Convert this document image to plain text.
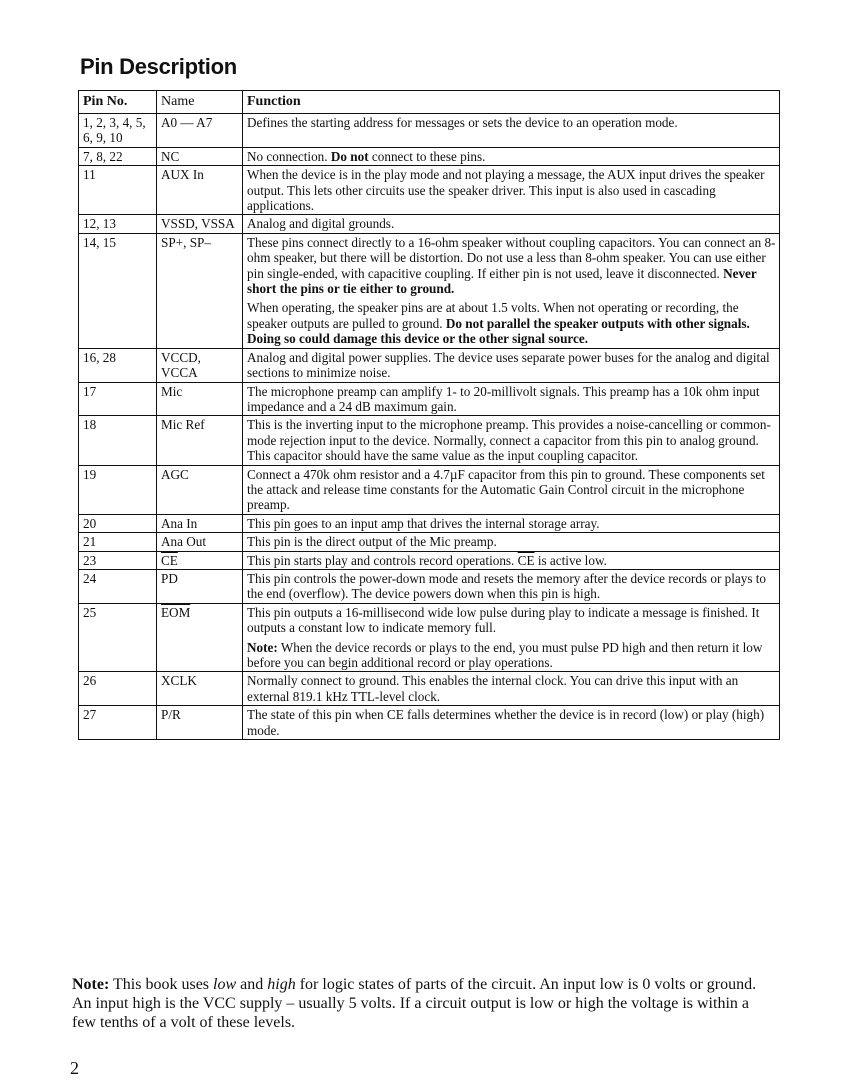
Pin Description
Pin No.	Name	Function
1, 2, 3, 4, 5, 6, 9, 10	A0 — A7	Defines the starting address for messages or sets the device to an operation mode.

7, 8, 22	NC	No connection. Do not connect to these pins.

11	AUX In	When the device is in the play mode and not playing a message, the AUX input drives the speaker output. This lets other circuits use the speaker driver. This input is also used in cascading applications.

12, 13	VSSD, VSSA	Analog and digital grounds.

14, 15	SP+, SP–	These pins connect directly to a 16-ohm speaker without coupling capacitors. You can connect an 8-ohm speaker, but there will be distortion. Do not use a less than 8-ohm speaker. You can use either pin single-ended, with capacitive coupling. If either pin is not used, leave it disconnected. Never short the pins or tie either to ground.

When operating, the speaker pins are at about 1.5 volts. When not operating or recording, the speaker outputs are pulled to ground. Do not parallel the speaker outputs with other signals. Doing so could damage this device or the other signal source.

16, 28	VCCD, VCCA	Analog and digital power supplies. The device uses separate power buses for the analog and digital sections to minimize noise.

17	Mic	The microphone preamp can amplify 1- to 20-millivolt signals. This preamp has a 10k ohm input impedance and a 24 dB maximum gain.

18	Mic Ref	This is the inverting input to the microphone preamp. This provides a noise-cancelling or common-mode rejection input to the device. Normally, connect a capacitor from this pin to analog ground. This capacitor should have the same value as the input coupling capacitor.

19	AGC	Connect a 470k ohm resistor and a 4.7µF capacitor from this pin to ground. These components set the attack and release time constants for the Automatic Gain Control circuit in the microphone preamp.

20	Ana In	This pin goes to an input amp that drives the internal storage array.

21	Ana Out	This pin is the direct output of the Mic preamp.

23	$\overline{CE}$	This pin starts play and controls record operations. $\overline{CE}$ is active low.

24	PD	This pin controls the power-down mode and resets the memory after the device records or plays to the end (overflow). The device powers down when this pin is high.

25	$\overline{EOM}$	This pin outputs a 16-millisecond wide low pulse during play to indicate a message is finished. It outputs a constant low to indicate memory full.

Note: When the device records or plays to the end, you must pulse PD high and then return it low before you can begin additional record or play operations.

26	XCLK	Normally connect to ground. This enables the internal clock. You can drive this input with an external 819.1 kHz TTL-level clock.

27	P/R	The state of this pin when CE falls determines whether the device is in record (low) or play (high) mode.

Note: This book uses low and high for logic states of parts of the circuit. An input low is 0 volts or ground. An input high is the VCC supply – usually 5 volts. If a circuit output is low or high the voltage is within a few tenths of a volt of these levels.
2
